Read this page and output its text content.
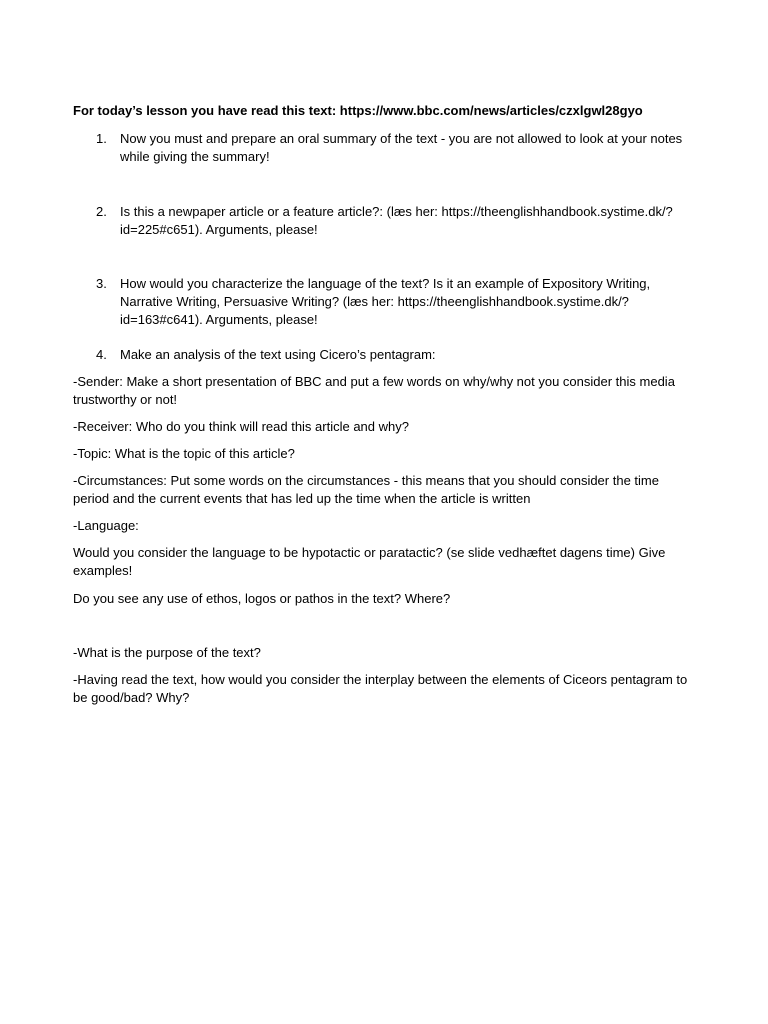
For today’s lesson you have read this text: https://www.bbc.com/news/articles/czxlgwl28gyo
1.	Now you must and prepare an oral summary of the text - you are not allowed to look at your notes while giving the summary!
2.	Is this a newpaper article or a feature article?: (læs her: https://theenglishhandbook.systime.dk/?id=225#c651). Arguments, please!
3.	How would you characterize the language of the text? Is it an example of Expository Writing, Narrative Writing, Persuasive Writing? (læs her: https://theenglishhandbook.systime.dk/?id=163#c641). Arguments, please!
4.	Make an analysis of the text using Cicero’s pentagram:
-Sender: Make a short presentation of BBC and put a few words on why/why not you consider this media trustworthy or not!
-Receiver: Who do you think will read this article and why?
-Topic: What is the topic of this article?
-Circumstances: Put some words on the circumstances - this means that you should consider the time period and the current events that has led up the time when the article is written
-Language:
Would you consider the language to be hypotactic or paratactic? (se slide vedhæftet dagens time) Give examples!
Do you see any use of ethos, logos or pathos in the text? Where?
-What is the purpose of the text?
-Having read the text, how would you consider the interplay between the elements of Ciceors pentagram to be good/bad? Why?
